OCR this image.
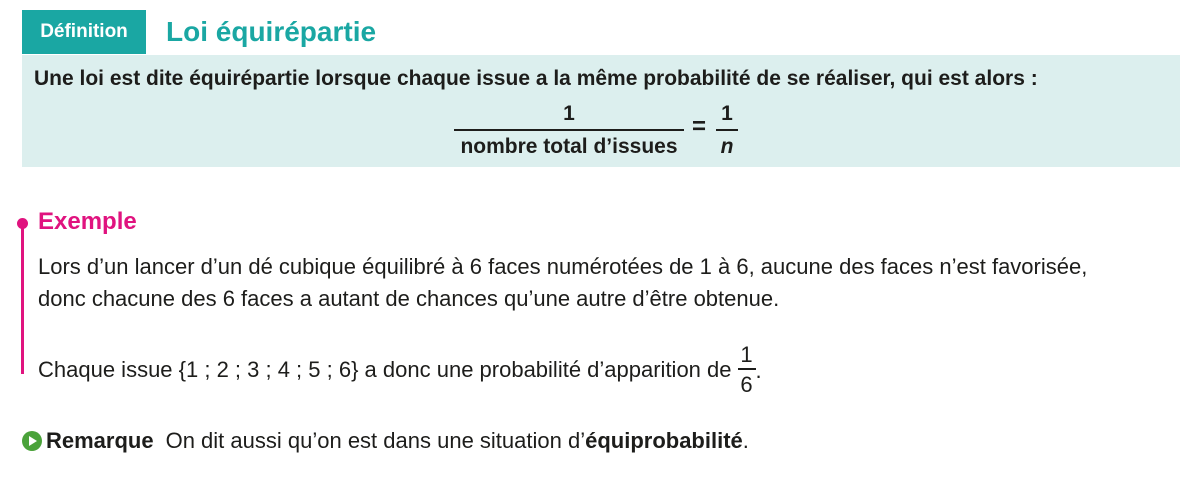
Définition	Loi équirépartie
Une loi est dite équirépartie lorsque chaque issue a la même probabilité de se réaliser, qui est alors :
1
nombre total d’issues
= 1
n
Exemple
Lors d’un lancer d’un dé cubique équilibré à 6 faces numérotées de 1 à 6, aucune des faces n’est favorisée,
donc chacune des 6 faces a autant de chances qu’une autre d’être obtenue.
Chaque issue {1 ; 2 ; 3 ; 4 ; 5 ; 6} a donc une probabilité d’apparition de $\frac{1}{6}$ .
Remarque On dit aussi qu’on est dans une situation d’ équiprobabilité .
